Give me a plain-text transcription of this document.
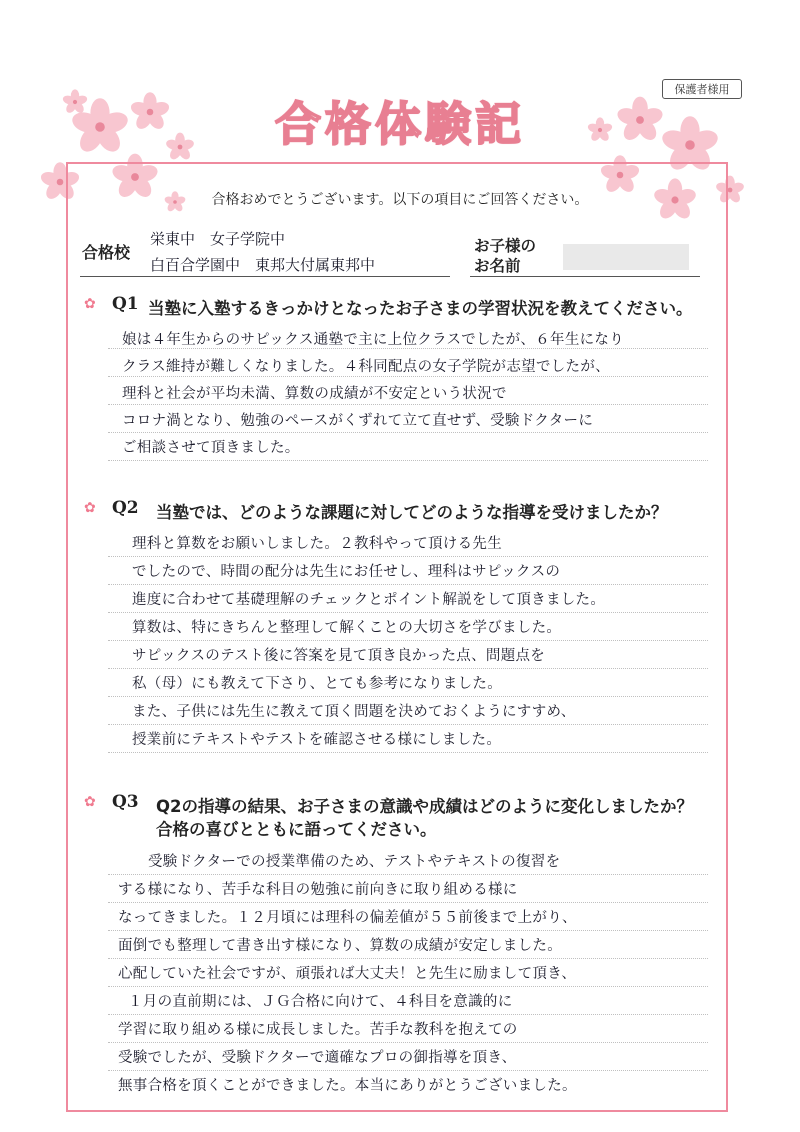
保護者様用
合格体験記
合格おめでとうございます。以下の項目にご回答ください。
合格校
栄東中　女子学院中
白百合学園中　東邦大付属東邦中
お子様の
お名前
✿ Q1 当塾に入塾するきっかけとなったお子さまの学習状況を教えてください。
娘は４年生からのサピックス通塾で主に上位クラスでしたが、６年生になり
クラス維持が難しくなりました。４科同配点の女子学院が志望でしたが、
理科と社会が平均未満、算数の成績が不安定という状況で
コロナ渦となり、勉強のペースがくずれて立て直せず、受験ドクターに
ご相談させて頂きました。
✿ Q2 当塾では、どのような課題に対してどのような指導を受けましたか？
理科と算数をお願いしました。２教科やって頂ける先生
でしたので、時間の配分は先生にお任せし、理科はサピックスの
進度に合わせて基礎理解のチェックとポイント解説をして頂きました。
算数は、特にきちんと整理して解くことの大切さを学びました。
サピックスのテスト後に答案を見て頂き良かった点、問題点を
私（母）にも教えて下さり、とても参考になりました。
また、子供には先生に教えて頂く問題を決めておくようにすすめ、
授業前にテキストやテストを確認させる様にしました。
✿ Q3 Q2の指導の結果、お子さまの意識や成績はどのように変化しましたか？
合格の喜びとともに語ってください。
受験ドクターでの授業準備のため、テストやテキストの復習を
する様になり、苦手な科目の勉強に前向きに取り組める様に
なってきました。１２月頃には理科の偏差値が５５前後まで上がり、
面倒でも整理して書き出す様になり、算数の成績が安定しました。
心配していた社会ですが、頑張れば大丈夫！と先生に励まして頂き、
１月の直前期には、ＪＧ合格に向けて、４科目を意識的に
学習に取り組める様に成長しました。苦手な教科を抱えての
受験でしたが、受験ドクターで適確なプロの御指導を頂き、
無事合格を頂くことができました。本当にありがとうございました。
